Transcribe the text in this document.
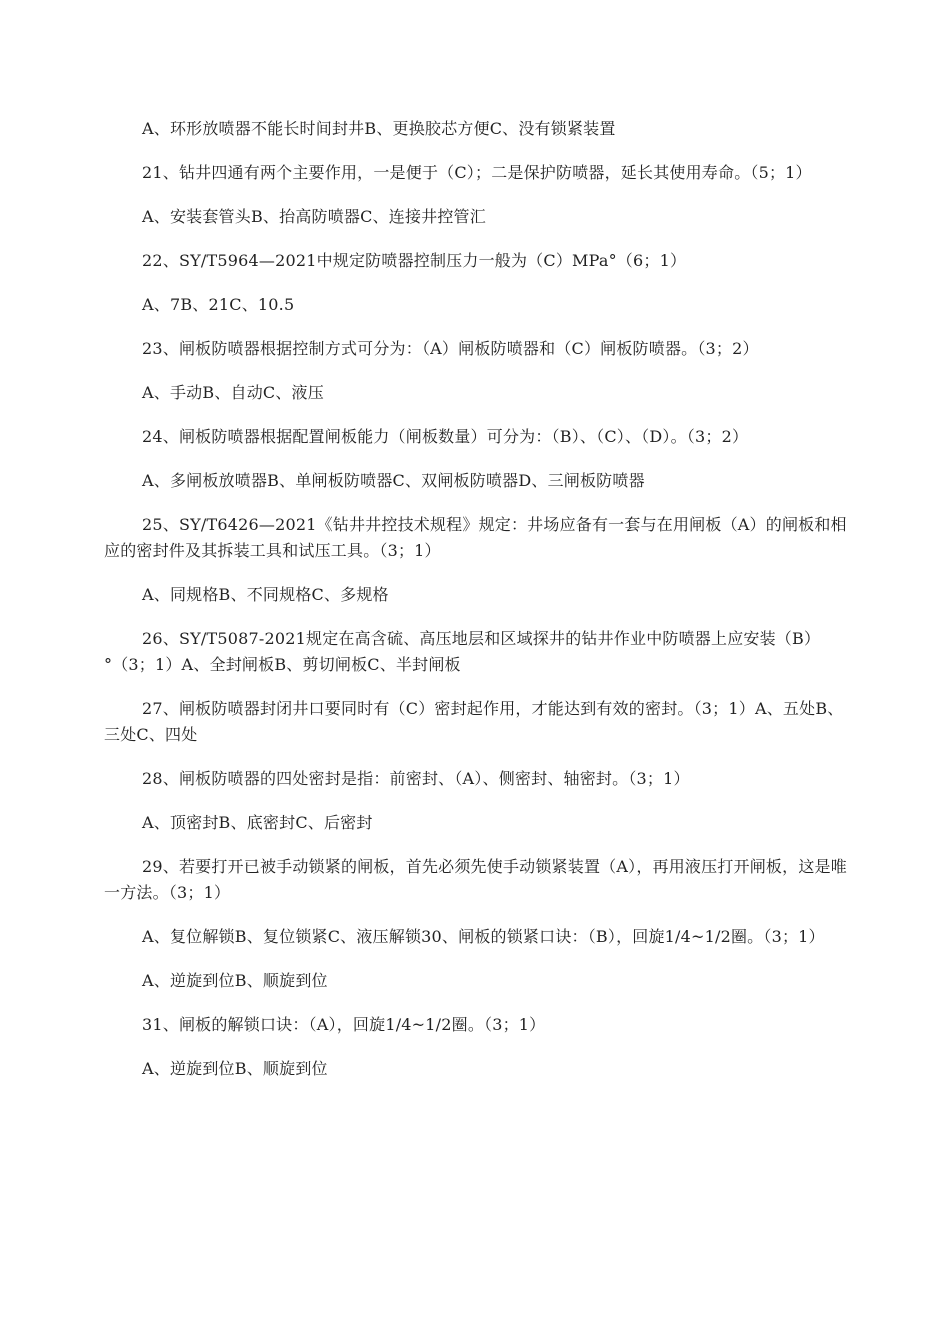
A、环形放喷器不能长时间封井B、更换胶芯方便C、没有锁紧装置

21、钻井四通有两个主要作用，一是便于（C）；二是保护防喷器，延长其使用寿命。（5；1）

A、安装套管头B、抬高防喷器C、连接井控管汇

22、SY/T5964—2021中规定防喷器控制压力一般为（C）MPa°（6；1）

A、7B、21C、10.5

23、闸板防喷器根据控制方式可分为：（A）闸板防喷器和（C）闸板防喷器。（3；2）

A、手动B、自动C、液压

24、闸板防喷器根据配置闸板能力（闸板数量）可分为：（B）、（C）、（D）。（3；2）

A、多闸板放喷器B、单闸板防喷器C、双闸板防喷器D、三闸板防喷器

25、SY/T6426—2021《钻井井控技术规程》规定：井场应备有一套与在用闸板（A）的闸板和相应的密封件及其拆装工具和试压工具。（3；1）

A、同规格B、不同规格C、多规格

26、SY/T5087-2021规定在高含硫、高压地层和区域探井的钻井作业中防喷器上应安装（B）°（3；1）A、全封闸板B、剪切闸板C、半封闸板

27、闸板防喷器封闭井口要同时有（C）密封起作用，才能达到有效的密封。（3；1）A、五处B、三处C、四处

28、闸板防喷器的四处密封是指：前密封、（A）、侧密封、轴密封。（3；1）

A、顶密封B、底密封C、后密封

29、若要打开已被手动锁紧的闸板，首先必须先使手动锁紧装置（A），再用液压打开闸板，这是唯一方法。（3；1）

A、复位解锁B、复位锁紧C、液压解锁30、闸板的锁紧口诀：（B），回旋1/4~1/2圈。（3；1）

A、逆旋到位B、顺旋到位

31、闸板的解锁口诀：（A），回旋1/4~1/2圈。（3；1）

A、逆旋到位B、顺旋到位
